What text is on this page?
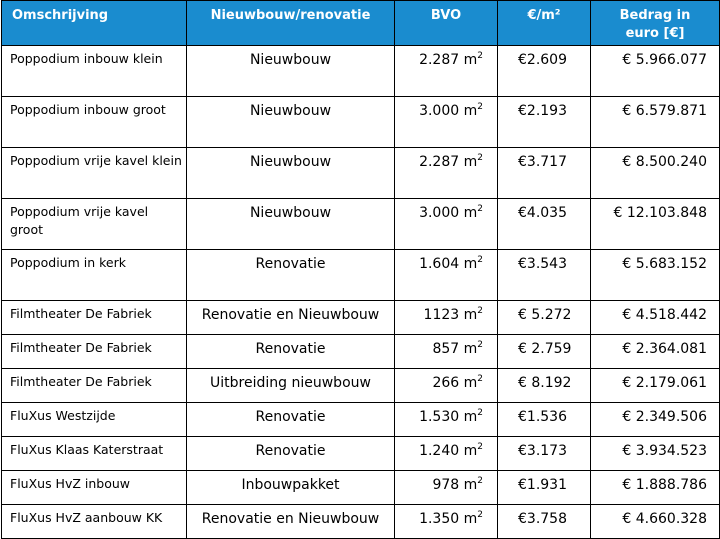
Omschrijving	Nieuwbouw/renovatie	BVO	€/m²	Bedrag in
euro [€]
Poppodium inbouw klein	Nieuwbouw	2.287 $m^2$	€2.609	€ 5.966.077
Poppodium inbouw groot	Nieuwbouw	3.000 $m^2$	€2.193	€ 6.579.871
Poppodium vrije kavel klein	Nieuwbouw	2.287 $m^2$	€3.717	€ 8.500.240
Poppodium vrije kavel groot	Nieuwbouw	3.000 $m^2$	€4.035	€ 12.103.848
Poppodium in kerk	Renovatie	1.604 $m^2$	€3.543	€ 5.683.152
Filmtheater De Fabriek	Renovatie en Nieuwbouw	1123 $m^2$	€ 5.272	€ 4.518.442
Filmtheater De Fabriek	Renovatie	857 $m^2$	€ 2.759	€ 2.364.081
Filmtheater De Fabriek	Uitbreiding nieuwbouw	266 $m^2$	€ 8.192	€ 2.179.061
FluXus Westzijde	Renovatie	1.530 $m^2$	€1.536	€ 2.349.506
FluXus Klaas Katerstraat	Renovatie	1.240 $m^2$	€3.173	€ 3.934.523
FluXus HvZ inbouw	Inbouwpakket	978 $m^2$	€1.931	€ 1.888.786
FluXus HvZ aanbouw KK	Renovatie en Nieuwbouw	1.350 $m^2$	€3.758	€ 4.660.328
